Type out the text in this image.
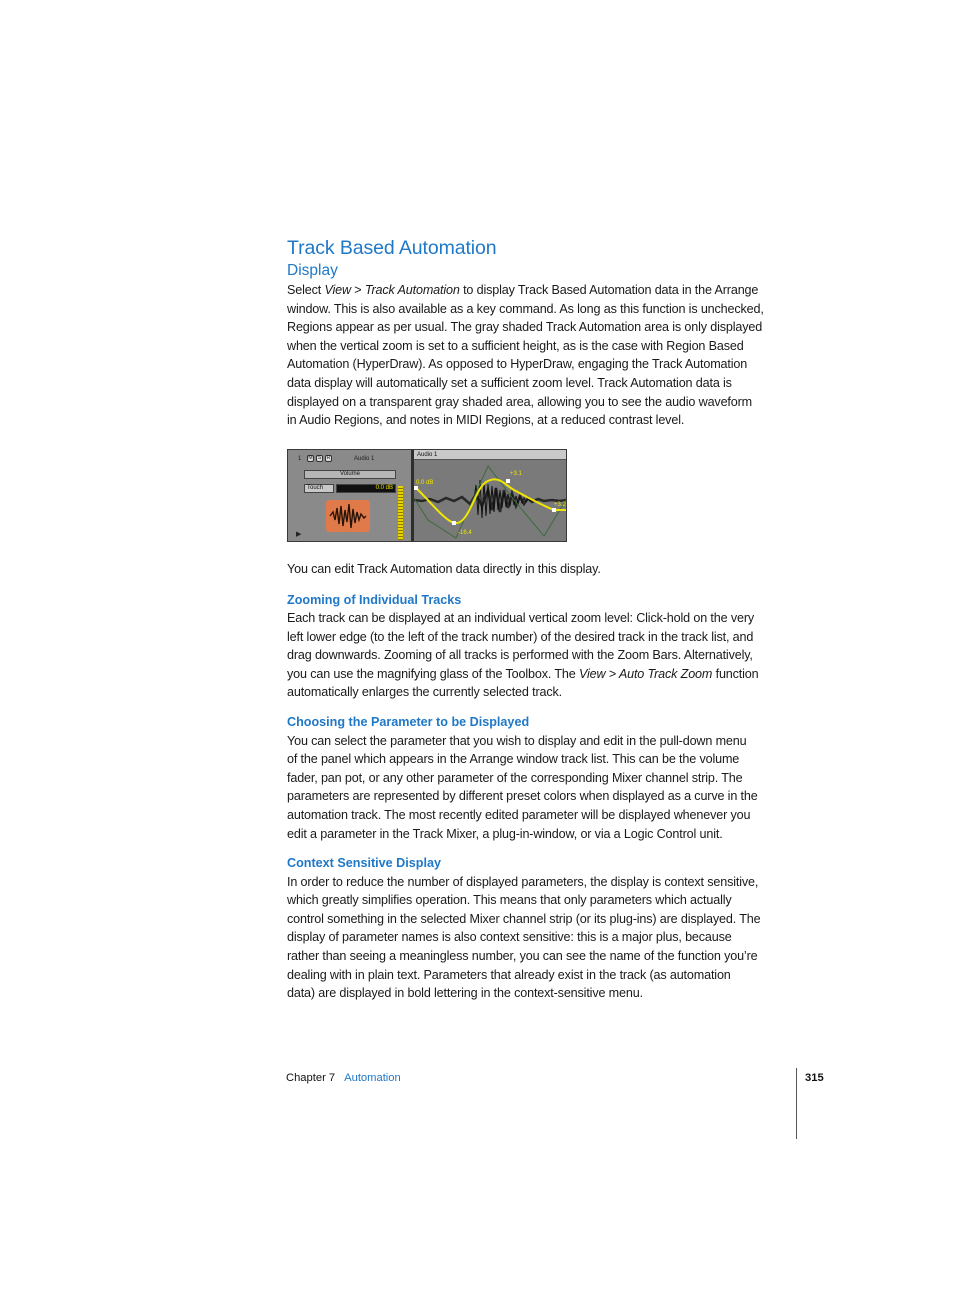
Track Based Automation
Display

Select View > Track Automation to display Track Based Automation data in the Arrange
window. This is also available as a key command. As long as this function is unchecked,
Regions appear as per usual. The gray shaded Track Automation area is only displayed
when the vertical zoom is set to a sufficient height, as is the case with Region Based
Automation (HyperDraw). As opposed to HyperDraw, engaging the Track Automation
data display will automatically set a sufficient zoom level. Track Automation data is
displayed on a transparent gray shaded area, allowing you to see the audio waveform
in Audio Regions, and notes in MIDI Regions, at a reduced contrast level.

1 M	S	R	Audio 1
Volume
Touch	0.0 dB
▶
Audio 1
0.0 dB
+3.1
-16.4
+3.2

You can edit Track Automation data directly in this display.

Zooming of Individual Tracks

Each track can be displayed at an individual vertical zoom level: Click-hold on the very
left lower edge (to the left of the track number) of the desired track in the track list, and
drag downwards. Zooming of all tracks is performed with the Zoom Bars. Alternatively,
you can use the magnifying glass of the Toolbox. The View > Auto Track Zoom function
automatically enlarges the currently selected track.

Choosing the Parameter to be Displayed

You can select the parameter that you wish to display and edit in the pull-down menu
of the panel which appears in the Arrange window track list. This can be the volume
fader, pan pot, or any other parameter of the corresponding Mixer channel strip. The
parameters are represented by different preset colors when displayed as a curve in the
automation track. The most recently edited parameter will be displayed whenever you
edit a parameter in the Track Mixer, a plug-in-window, or via a Logic Control unit.

Context Sensitive Display

In order to reduce the number of displayed parameters, the display is context sensitive,
which greatly simplifies operation. This means that only parameters which actually
control something in the selected Mixer channel strip (or its plug-ins) are displayed. The
display of parameter names is also context sensitive: this is a major plus, because
rather than seeing a meaningless number, you can see the name of the function you’re
dealing with in plain text. Parameters that already exist in the track (as automation
data) are displayed in bold lettering in the context-sensitive menu.

Chapter 7 Automation	315
